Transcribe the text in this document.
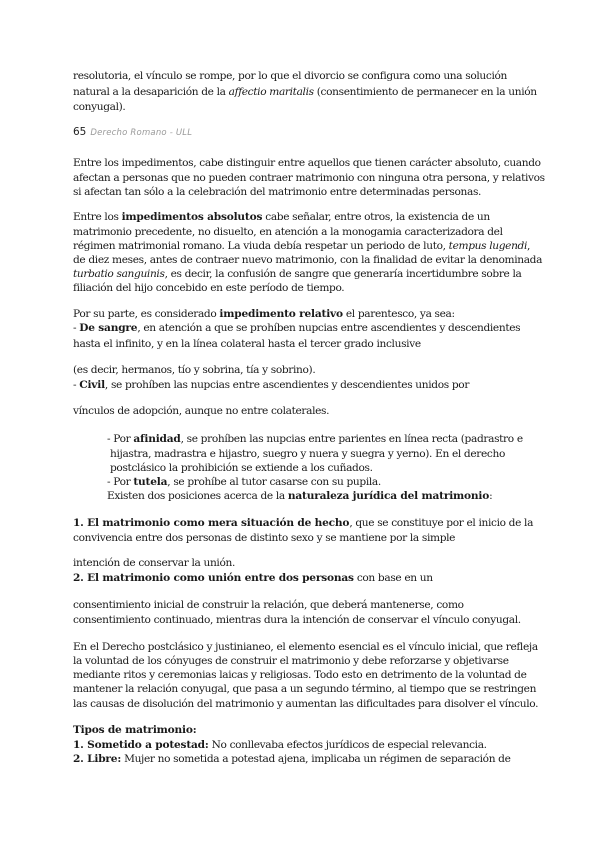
resolutoria, el vínculo se rompe, por lo que el divorcio se configura como una solución
natural a la desaparición de la affectio maritalis (consentimiento de permanecer en la unión
conyugal).
65 Derecho Romano - ULL
Entre los impedimentos, cabe distinguir entre aquellos que tienen carácter absoluto, cuando
afectan a personas que no pueden contraer matrimonio con ninguna otra persona, y relativos
si afectan tan sólo a la celebración del matrimonio entre determinadas personas.
Entre los impedimentos absolutos cabe señalar, entre otros, la existencia de un
matrimonio precedente, no disuelto, en atención a la monogamia caracterizadora del
régimen matrimonial romano. La viuda debía respetar un periodo de luto, tempus lugendi,
de diez meses, antes de contraer nuevo matrimonio, con la finalidad de evitar la denominada
turbatio sanguinis, es decir, la confusión de sangre que generaría incertidumbre sobre la
filiación del hijo concebido en este período de tiempo.
Por su parte, es considerado impedimento relativo el parentesco, ya sea:
- De sangre, en atención a que se prohíben nupcias entre ascendientes y descendientes
hasta el infinito, y en la línea colateral hasta el tercer grado inclusive
(es decir, hermanos, tío y sobrina, tía y sobrino).
- Civil, se prohíben las nupcias entre ascendientes y descendientes unidos por
vínculos de adopción, aunque no entre colaterales.
- Por afinidad, se prohíben las nupcias entre parientes en línea recta (padrastro e
hijastra, madrastra e hijastro, suegro y nuera y suegra y yerno). En el derecho
postclásico la prohibición se extiende a los cuñados.
- Por tutela, se prohíbe al tutor casarse con su pupila.
Existen dos posiciones acerca de la naturaleza jurídica del matrimonio:
1. El matrimonio como mera situación de hecho, que se constituye por el inicio de la
convivencia entre dos personas de distinto sexo y se mantiene por la simple
intención de conservar la unión.
2. El matrimonio como unión entre dos personas con base en un
consentimiento inicial de construir la relación, que deberá mantenerse, como
consentimiento continuado, mientras dura la intención de conservar el vínculo conyugal.
En el Derecho postclásico y justinianeo, el elemento esencial es el vínculo inicial, que refleja
la voluntad de los cónyuges de construir el matrimonio y debe reforzarse y objetivarse
mediante ritos y ceremonias laicas y religiosas. Todo esto en detrimento de la voluntad de
mantener la relación conyugal, que pasa a un segundo término, al tiempo que se restringen
las causas de disolución del matrimonio y aumentan las dificultades para disolver el vínculo.
Tipos de matrimonio:
1. Sometido a potestad: No conllevaba efectos jurídicos de especial relevancia.
2. Libre: Mujer no sometida a potestad ajena, implicaba un régimen de separación de
